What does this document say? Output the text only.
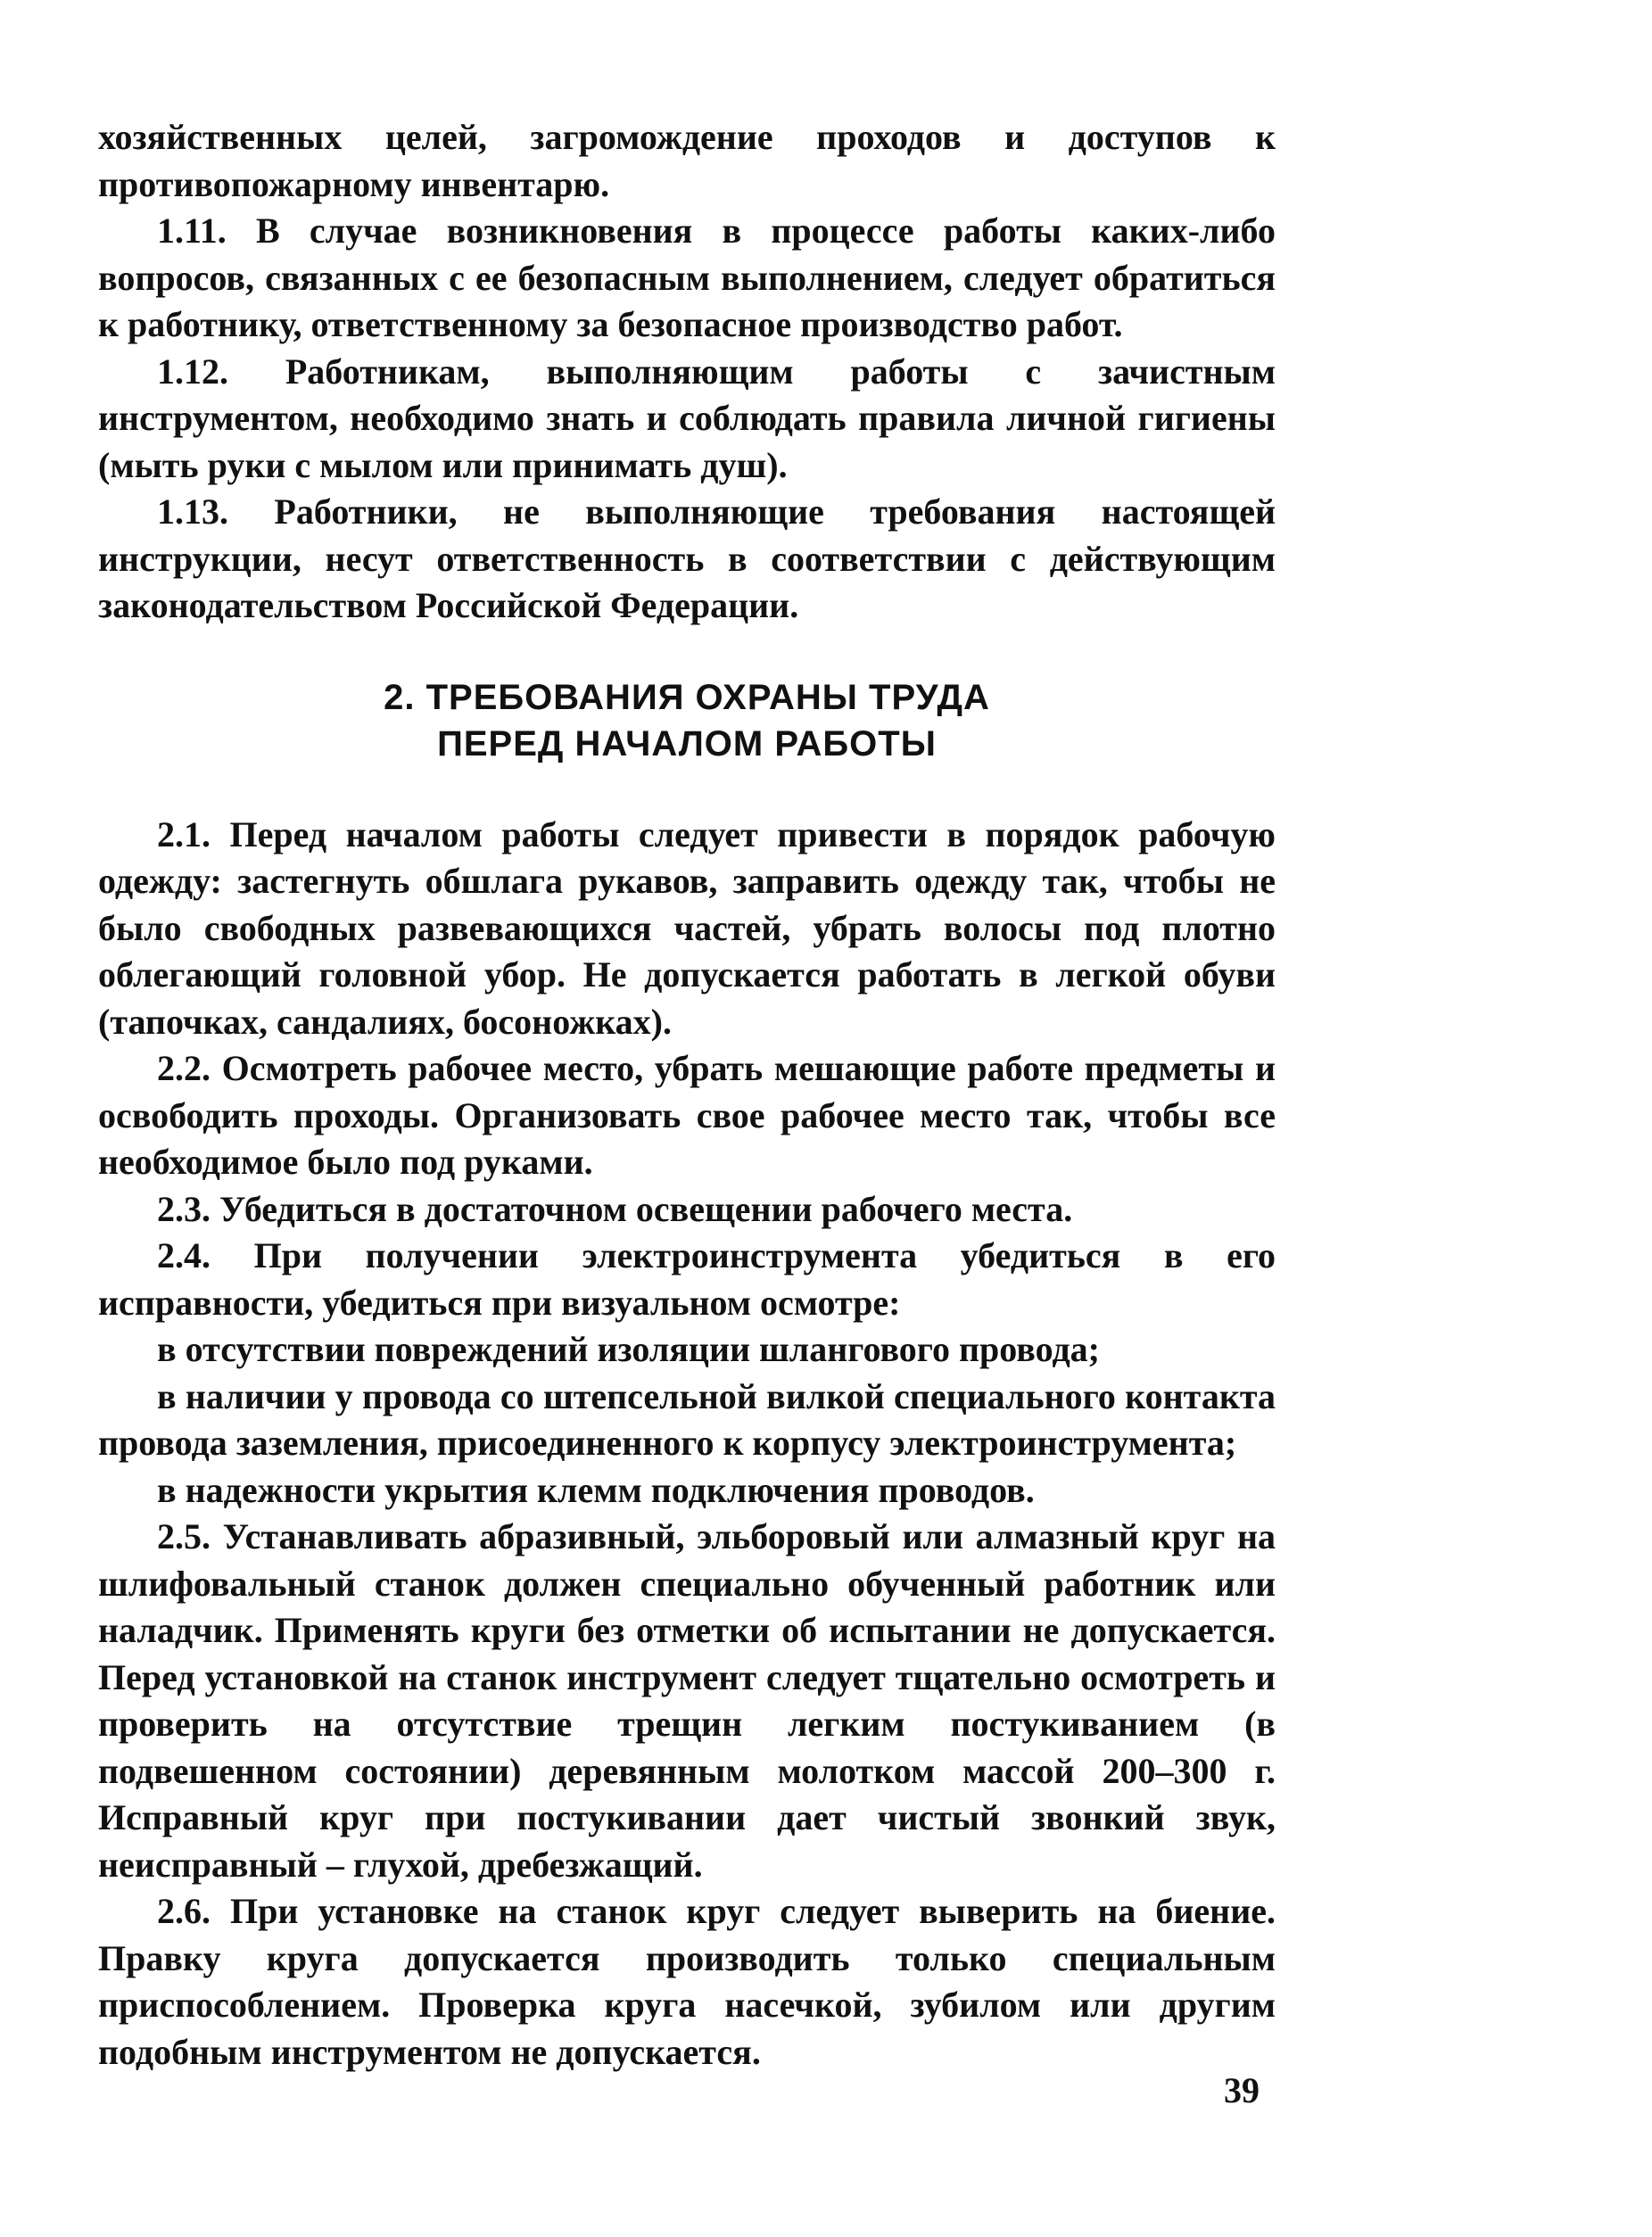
хозяйственных целей, загромождение проходов и доступов к противопожарному инвентарю.

1.11. В случае возникновения в процессе работы каких-либо вопросов, связанных с ее безопасным выполнением, следует обратиться к работнику, ответственному за безопасное производство работ.

1.12. Работникам, выполняющим работы с зачистным инструментом, необходимо знать и соблюдать правила личной гигиены (мыть руки с мылом или принимать душ).

1.13. Работники, не выполняющие требования настоящей инструкции, несут ответственность в соответствии с действующим законодательством Российской Федерации.

2. ТРЕБОВАНИЯ ОХРАНЫ ТРУДА
ПЕРЕД НАЧАЛОМ РАБОТЫ

2.1. Перед началом работы следует привести в порядок рабочую одежду: застегнуть обшлага рукавов, заправить одежду так, чтобы не было свободных развевающихся частей, убрать волосы под плотно облегающий головной убор. Не допускается работать в легкой обуви (тапочках, сандалиях, босоножках).

2.2. Осмотреть рабочее место, убрать мешающие работе предметы и освободить проходы. Организовать свое рабочее место так, чтобы все необходимое было под руками.

2.3. Убедиться в достаточном освещении рабочего места.

2.4. При получении электроинструмента убедиться в его исправности, убедиться при визуальном осмотре:

в отсутствии повреждений изоляции шлангового провода;

в наличии у провода со штепсельной вилкой специального контакта провода заземления, присоединенного к корпусу электроинструмента;

в надежности укрытия клемм подключения проводов.

2.5. Устанавливать абразивный, эльборовый или алмазный круг на шлифовальный станок должен специально обученный работник или наладчик. Применять круги без отметки об испытании не допускается. Перед установкой на станок инструмент следует тщательно осмотреть и проверить на отсутствие трещин легким постукиванием (в подвешенном состоянии) деревянным молотком массой 200–300 г. Исправный круг при постукивании дает чистый звонкий звук, неисправный – глухой, дребезжащий.

2.6. При установке на станок круг следует выверить на биение. Правку круга допускается производить только специальным приспособлением. Проверка круга насечкой, зубилом или другим подобным инструментом не допускается.

39
